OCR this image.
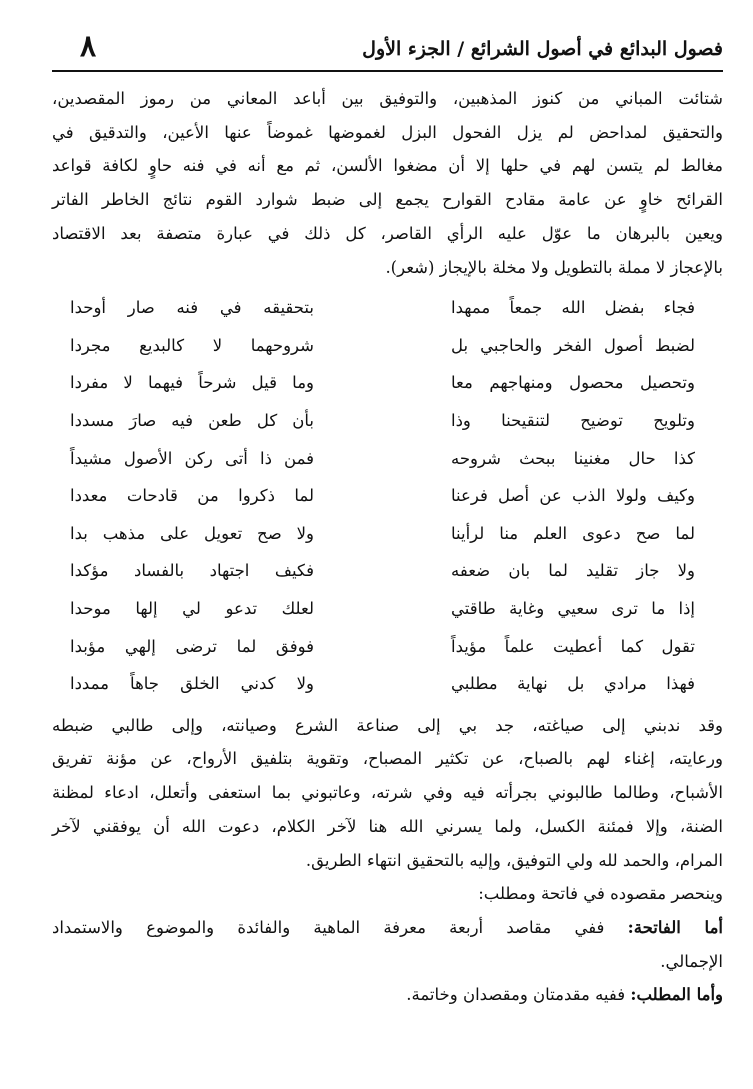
٨	فصول البدائع في أصول الشرائع / الجزء الأول

شتائت المباني من كنوز المذهبين، والتوفيق بين أباعد المعاني من رموز المقصدين،

والتحقيق لمداحض لم يزل الفحول البزل لغموضها غموضاً عنها الأعين، والتدقيق في

مغالط لم يتسن لهم في حلها إلا أن مضغوا الألسن، ثم مع أنه في فنه حاوٍ لكافة قواعد

القرائح خاوٍ عن عامة مقادح القوارح يجمع إلى ضبط شوارد القوم نتائج الخاطر الفاتر

ويعين بالبرهان ما عوّل عليه الرأي القاصر، كل ذلك في عبارة متصفة بعد الاقتصاد

بالإعجاز لا مملة بالتطويل ولا مخلة بالإيجاز (شعر).

فجاء بفضل الله جمعاً ممهدا
بتحقيقه في فنه صار أوحدا
لضبط أصول الفخر والحاجبي بل
شروحهما لا كالبديع مجردا
وتحصيل محصول ومنهاجهم معا
وما قيل شرحاً فيهما لا مفردا
وتلويح توضيح لتنقيحنا وذا
بأن كل طعن فيه صارَ مسددا
كذا حال مغنينا ببحث شروحه
فمن ذا أتى ركن الأصول مشيداً
وكيف ولولا الذب عن أصل فرعنا
لما ذكروا من قادحات معددا
لما صح دعوى العلم منا لرأينا
ولا صح تعويل على مذهب بدا
ولا جاز تقليد لما بان ضعفه
فكيف اجتهاد بالفساد مؤكدا
إذا ما ترى سعيي وغاية طاقتي
لعلك تدعو لي إلها موحدا
تقول كما أعطيت علماً مؤيداً
فوفق لما ترضى إلهي مؤبدا
فهذا مرادي بل نهاية مطلبي
ولا كدني الخلق جاهاً ممددا

وقد ندبني إلى صياغته، جد بي إلى صناعة الشرع وصيانته، وإلى طالبي ضبطه

ورعايته، إغناء لهم بالصباح، عن تكثير المصباح، وتقوية بتلفيق الأرواح، عن مؤنة تفريق

الأشباح، وطالما طالبوني بجرأته فيه وفي شرته، وعاتبوني بما استعفى وأتعلل، ادعاء لمظنة

الضنة، وإلا فمئنة الكسل، ولما يسرني الله هنا لآخر الكلام، دعوت الله أن يوفقني لآخر

المرام، والحمد لله ولي التوفيق، وإليه بالتحقيق انتهاء الطريق.

وينحصر مقصوده في فاتحة ومطلب:

أما الفاتحة: ففي مقاصد أربعة معرفة الماهية والفائدة والموضوع والاستمداد

الإجمالي.

وأما المطلب: ففيه مقدمتان ومقصدان وخاتمة.
